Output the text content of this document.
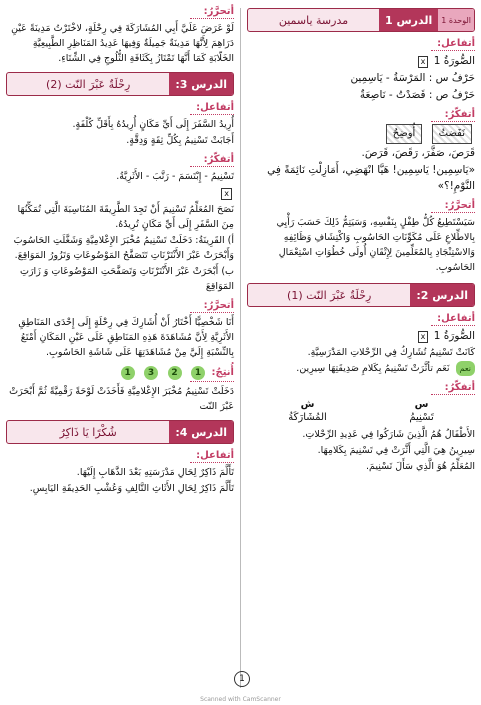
الوحدة 1
الدرس 1
مدرسة ياسمين
أتفاعل:
الصُّورَةُ 1 x
حَرْفُ س : المَرْسَةُ - يَاسِمِين
حَرْفُ ص : قَصَدْتُ - نَاصِعَةٌ
أتفكّرُ:
نَفَضتُ أُوضِحُ
قَرَصَ، صَفَّرَ، رَقَصَ، قَرَصَ.
«يَاسِمِين! يَاسِمِين! هَيَّا انْهَضِي، أَمَازِلْتِ نَائِمَةً فِي النَّوْمِ!؟»
أتحرَّرُ:
سَيَسْتَطِيعُ كُلُّ طِفْلٍ بِنَفْسِهِ، وَسَيَتِمُّ ذَلِكَ حَسَبَ رَأْيِي بِالاطِّلاعِ عَلَى مُكَوِّنَاتِ الحَاسُوبِ وَاكْتِشَافِ وَظَائِفِهِ وَالاسْتِنْجَادِ بِالمُعَلِّمِينَ لِإِتْقَانِ أُولَى خُطُوَاتِ اسْتِعْمَالِ الحَاسُوبِ.
الدرس 2:
رِحْلَةٌ عَبْرَ النّت (1)
أتفاعل:
الصُّورَةُ 1 x
كَانَتْ تَسْنِيمُ تُشَارِكُ فِي الرِّحْلاتِ المَدْرَسِيَّةِ.
نعم نَعَم تأثَّرَتْ تَسْنِيمُ بِكَلامِ صَدِيقَتِهَا سِيرِين.
أتفكّرُ:
س
تَسْنِيمُ
ش
المُشَارَكَةُ
الأَطْفَالُ هُمُ الَّذِينَ شَارَكُوا فِي عَدِيدِ الرِّحْلاتِ.
سِيرِينُ هِيَ الَّتِي أَثَّرَتْ فِي تَسْنِيمَ بِكَلامِهَا.
المُعَلِّمُ هُوَ الَّذِي سَأَلَ تَسْنِيمَ.
أتحرَّرُ:
لَوْ عَرَضَ عَلَيَّ أَبِي المُشَارَكَةَ فِي رِحْلَةٍ، لاخْتَرْتُ مَدِينَةً عَيْنِ دَرَاهِمَ لِأَنَّهَا مَدِينَةٌ جَمِيلَةٌ وَفِيهَا عَدِيدُ المَنَاظِرِ الطَّبِيعِيَّةِ الخَلّابَةِ كَمَا أَنَّهَا تَمْتَازُ بِكَثَافَةِ الثُّلُوجِ فِي الشِّتَاءِ.
الدرس 3:
رِحْلَةٌ عَبْرَ النّت (2)
أتفاعل:
أُرِيدُ السَّفَرَ إِلَى أَيِّ مَكَانٍ أُرِيدُهُ بِأَقَلِّ كُلْفَةٍ.
أَجَابَتْ تَسْنِيمُ بِكُلِّ ثِقَةٍ وَدِقَّةٍ.
أتفكّرُ:
تَسْنِيمُ - إِبْتَسَمَ - رَتَّبَ - الأَثَرِيَّةُ.
x
نَصَحَ المُعَلِّمُ تَسْنِيمَ أَنْ تَجِدَ الطَّرِيقَةَ المُنَاسِبَةَ الَّتِي تُمَكِّنُهَا مِنَ السَّفَرِ إِلَى أَيِّ مَكَانٍ تُرِيدُهُ.
أ) القَرِينَةُ: دَخَلَتْ تَسْنِيمُ مُخْبَرَ الإِعْلامِيَّةِ وَشَغَّلَتِ الحَاسُوبَ وَأَبْحَرَتْ عَبْرَ الأَنْتَرْنَاتِ تَتَصَفَّحُ المَوْضُوعَاتِ وَتَزُورُ المَوَاقِعَ.
ب) أَبْحَرَتْ عَبْرَ الأَنْتَرْنَاتِ وَتَصَفَّحَتِ المَوْضُوعَاتِ وَ زَارَتِ المَوَاقِعَ
أتحرَّرُ:
أَنَا شَخْصِيًّا أَخْتَارُ أَنْ أُشَارِكَ فِي رِحْلَةٍ إِلَى إِحْدَى المَنَاطِقِ الأَثَرِيَّةِ لِأَنَّ مُشَاهَدَةَ هَذِهِ المَنَاطِقِ عَلَى عَيْنِ المَكَانِ أَمْتَعُ بِالنِّسْبَةِ إِلَيَّ مِنْ مُشَاهَدَتِهَا عَلَى شَاشَةِ الحَاسُوبِ.
أُنتِجُ: 1 2 3 1
دَخَلَتْ تَسْنِيمُ مُخْبَرَ الإِعْلامِيَّةِ فَأَخَذَتْ لَوْحَةً رَقْمِيَّةً ثُمَّ أَبْحَرَتْ عَبْرَ النّت
الدرس 4:
شُكْرًا يَا ذَاكِرُ
أتفاعل:
تَأَلَّمَ ذَاكِرٌ لِحَالِ مَدْرَسَتِهِ بَعْدَ الذَّهَابِ إِلَيْهَا.
تَأَلَّمَ ذَاكِرٌ لِحَالِ الأَثَاثِ التَّالِفِ وَعُشْبِ الحَدِيقَةِ اليَابِسِ.
1
Scanned with CamScanner
